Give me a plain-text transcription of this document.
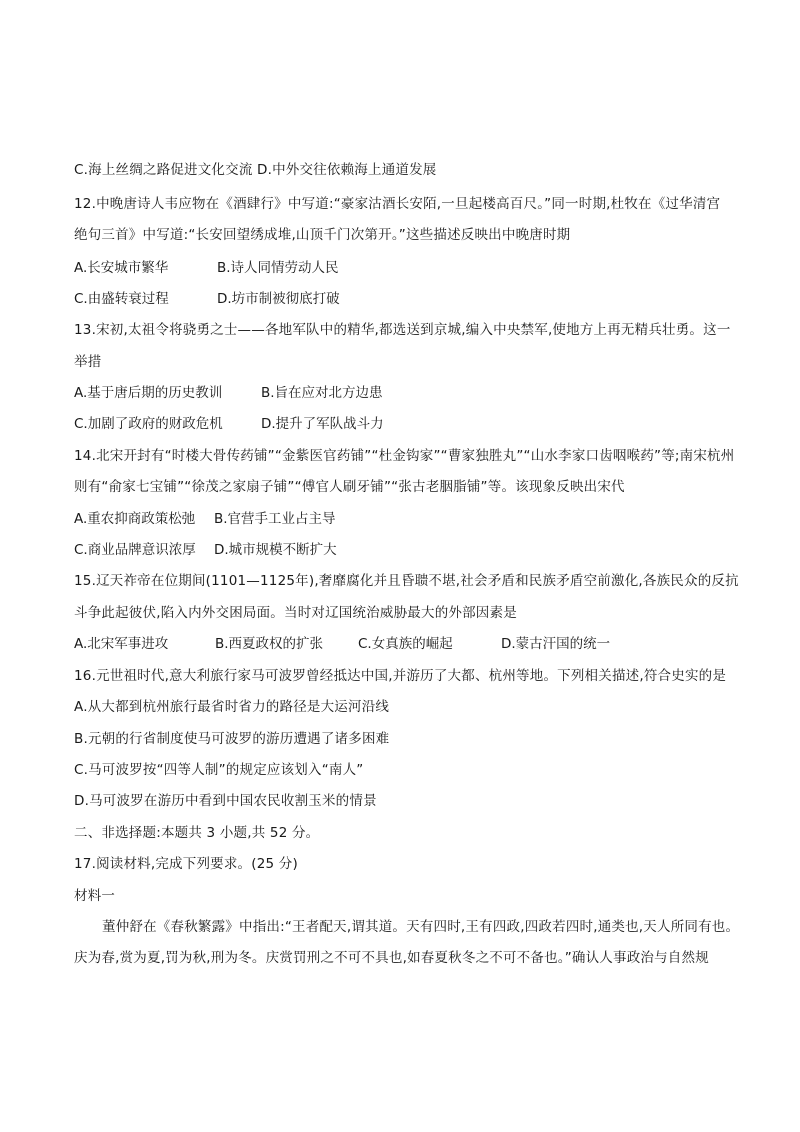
C.海上丝绸之路促进文化交流 D.中外交往依赖海上通道发展
12.中晚唐诗人韦应物在《酒肆行》中写道:“豪家沽酒长安陌,一旦起楼高百尺。”同一时期,杜牧在《过华清宫
绝句三首》中写道:“长安回望绣成堆,山顶千门次第开。”这些描述反映出中晚唐时期
A.长安城市繁华	B.诗人同情劳动人民
C.由盛转衰过程	D.坊市制被彻底打破
13.宋初,太祖令将骁勇之士——各地军队中的精华,都选送到京城,编入中央禁军,使地方上再无精兵壮勇。这一
举措
A.基于唐后期的历史教训	B.旨在应对北方边患
C.加剧了政府的财政危机	D.提升了军队战斗力
14.北宋开封有“时楼大骨传药铺”“金紫医官药铺”“杜金钩家”“曹家独胜丸”“山水李家口齿咽喉药”等;南宋杭州
则有“俞家七宝铺”“徐茂之家扇子铺”“傅官人刷牙铺”“张古老胭脂铺”等。该现象反映出宋代
A.重农抑商政策松弛 B.官营手工业占主导
C.商业品牌意识浓厚 D.城市规模不断扩大
15.辽天祚帝在位期间(1101—1125年),奢靡腐化并且昏聩不堪,社会矛盾和民族矛盾空前激化,各族民众的反抗
斗争此起彼伏,陷入内外交困局面。当时对辽国统治威胁最大的外部因素是
A.北宋军事进攻	B.西夏政权的扩张	C.女真族的崛起	D.蒙古汗国的统一
16.元世祖时代,意大利旅行家马可波罗曾经抵达中国,并游历了大都、杭州等地。下列相关描述,符合史实的是
A.从大都到杭州旅行最省时省力的路径是大运河沿线
B.元朝的行省制度使马可波罗的游历遭遇了诸多困难
C.马可波罗按“四等人制”的规定应该划入“南人”
D.马可波罗在游历中看到中国农民收割玉米的情景
二、非选择题:本题共 3 小题,共 52 分。
17.阅读材料,完成下列要求。(25 分)
材料一
董仲舒在《春秋繁露》中指出:“王者配天,谓其道。天有四时,王有四政,四政若四时,通类也,天人所同有也。
庆为春,赏为夏,罚为秋,刑为冬。庆赏罚刑之不可不具也,如春夏秋冬之不可不备也。”确认人事政治与自然规
